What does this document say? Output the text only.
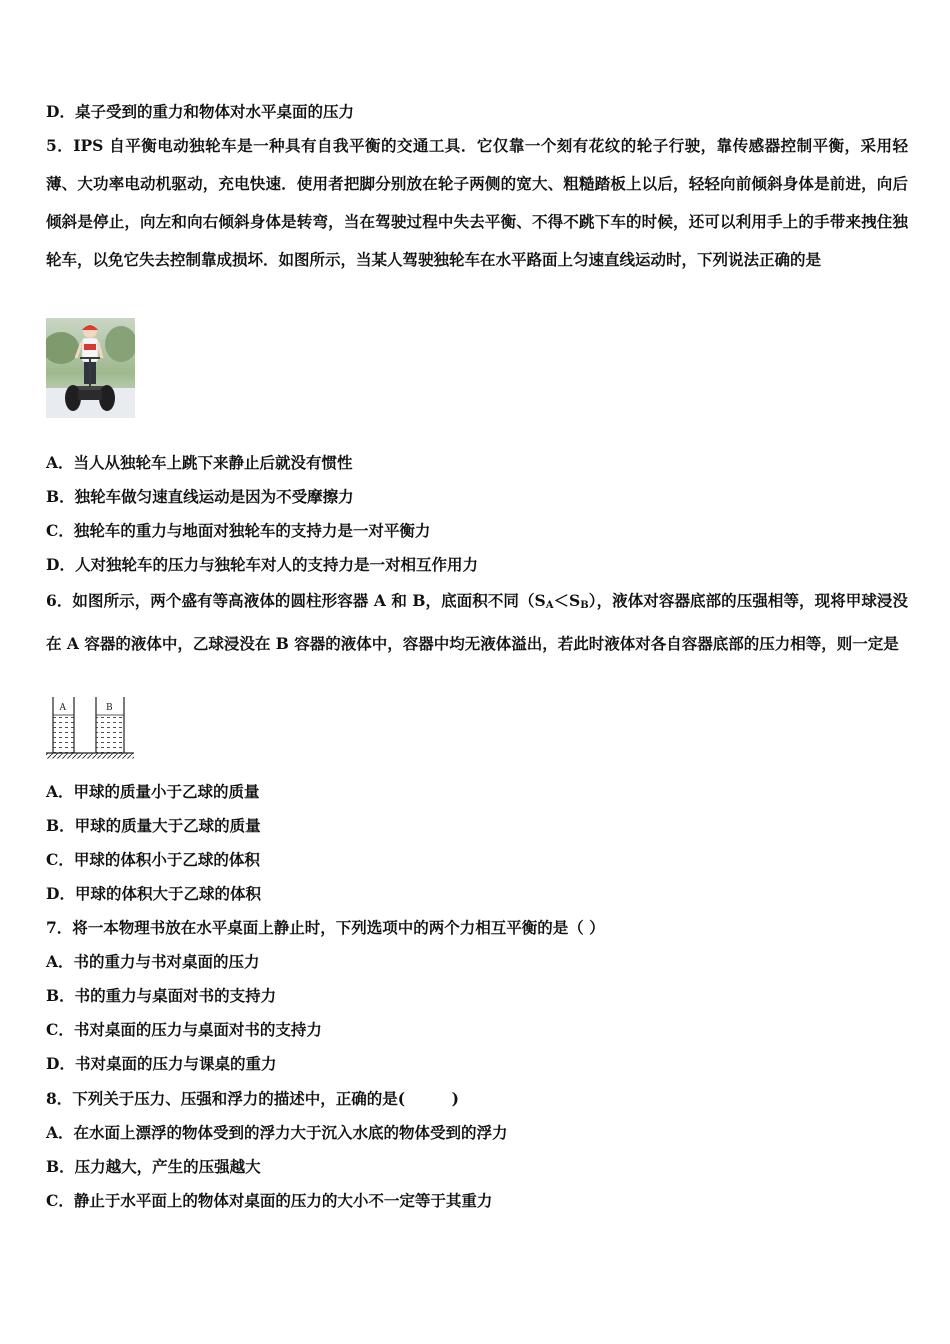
D．桌子受到的重力和物体对水平桌面的压力
5．IPS 自平衡电动独轮车是一种具有自我平衡的交通工具．它仅靠一个刻有花纹的轮子行驶，靠传感器控制平衡，采用轻薄、大功率电动机驱动，充电快速．使用者把脚分别放在轮子两侧的宽大、粗糙踏板上以后，轻轻向前倾斜身体是前进，向后倾斜是停止，向左和向右倾斜身体是转弯，当在驾驶过程中失去平衡、不得不跳下车的时候，还可以利用手上的手带来拽住独轮车，以免它失去控制靠成损坏．如图所示，当某人驾驶独轮车在水平路面上匀速直线运动时，下列说法正确的是
A．当人从独轮车上跳下来静止后就没有惯性
B．独轮车做匀速直线运动是因为不受摩擦力
C．独轮车的重力与地面对独轮车的支持力是一对平衡力
D．人对独轮车的压力与独轮车对人的支持力是一对相互作用力
6．如图所示，两个盛有等高液体的圆柱形容器 A 和 B，底面积不同$(S_A<S_B)$，液体对容器底部的压强相等，现将甲球浸没在 A 容器的液体中，乙球浸没在 B 容器的液体中，容器中均无液体溢出，若此时液体对各自容器底部的压力相等，则一定是
A	B
A．甲球的质量小于乙球的质量
B．甲球的质量大于乙球的质量
C．甲球的体积小于乙球的体积
D．甲球的体积大于乙球的体积
7．将一本物理书放在水平桌面上静止时，下列选项中的两个力相互平衡的是（ ）
A．书的重力与书对桌面的压力
B．书的重力与桌面对书的支持力
C．书对桌面的压力与桌面对书的支持力
D．书对桌面的压力与课桌的重力
8．下列关于压力、压强和浮力的描述中，正确的是(　　　)
A．在水面上漂浮的物体受到的浮力大于沉入水底的物体受到的浮力
B．压力越大，产生的压强越大
C．静止于水平面上的物体对桌面的压力的大小不一定等于其重力
